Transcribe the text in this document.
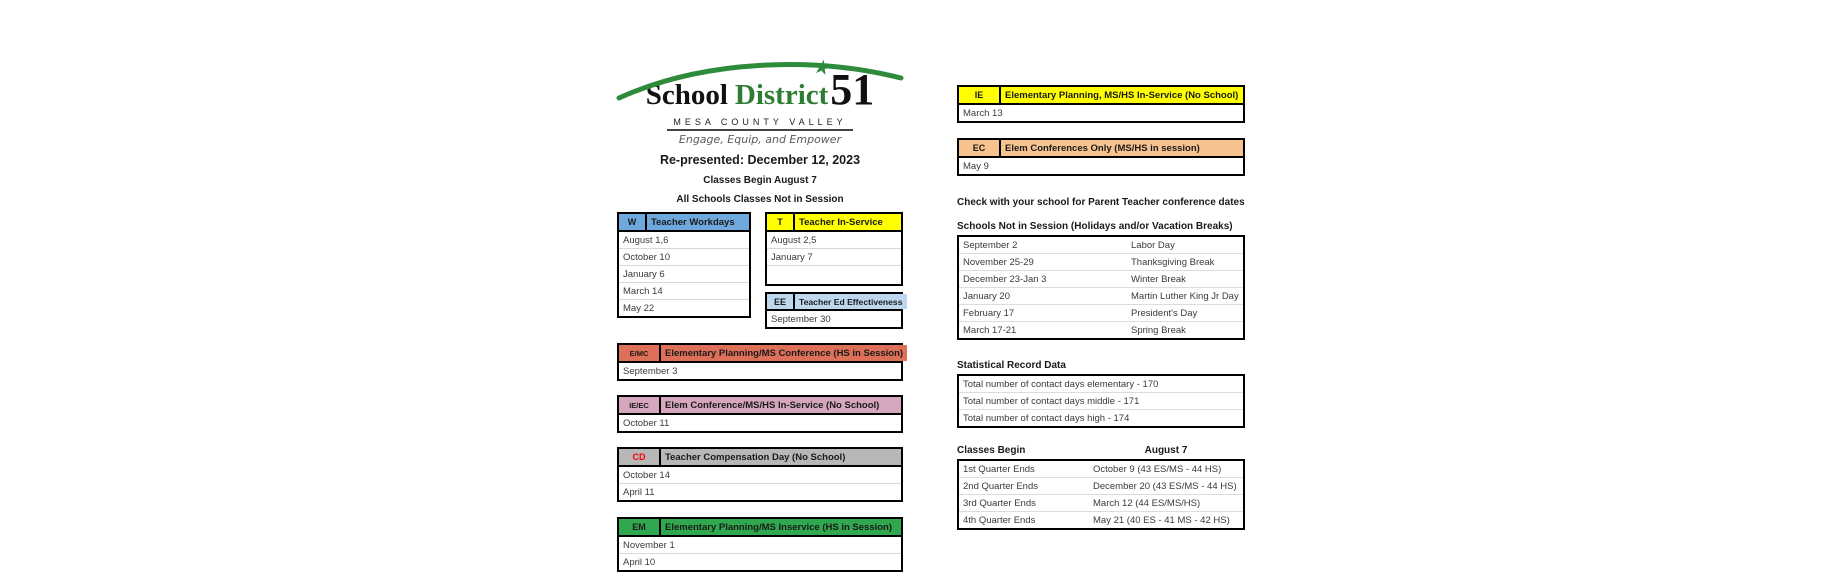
★
School District 51
MESA COUNTY VALLEY
Engage, Equip, and Empower
Re-presented: December 12, 2023
Classes Begin August 7
All Schools Classes Not in Session
W	Teacher Workdays
August 1,6
October 10
January 6
March 14
May 22
T	Teacher In-Service
August 2,5
January 7
EE	Teacher Ed Effectiveness
September 30
E/MC	Elementary Planning/MS Conference (HS in Session)
September 3
IE/EC	Elem Conference/MS/HS In-Service (No School)
October 11
CD	Teacher Compensation Day (No School)
October 14
April 11
EM	Elementary Planning/MS Inservice (HS in Session)
November 1
April 10
IE	Elementary Planning, MS/HS In-Service (No School)
March 13
EC	Elem Conferences Only (MS/HS in session)
May 9
Check with your school for Parent Teacher conference dates
Schools Not in Session (Holidays and/or Vacation Breaks)
September 2	Labor Day
November 25-29	Thanksgiving Break
December 23-Jan 3	Winter Break
January 20	Martin Luther King Jr Day
February 17	President's Day
March 17-21	Spring Break
Statistical Record Data
Total number of contact days elementary - 170
Total number of contact days middle - 171
Total number of contact days high - 174
Classes Begin	August 7
1st Quarter Ends	October 9 (43 ES/MS - 44 HS)
2nd Quarter Ends	December 20 (43 ES/MS - 44 HS)
3rd Quarter Ends	March 12 (44 ES/MS/HS)
4th Quarter Ends	May 21 (40 ES - 41 MS - 42 HS)
